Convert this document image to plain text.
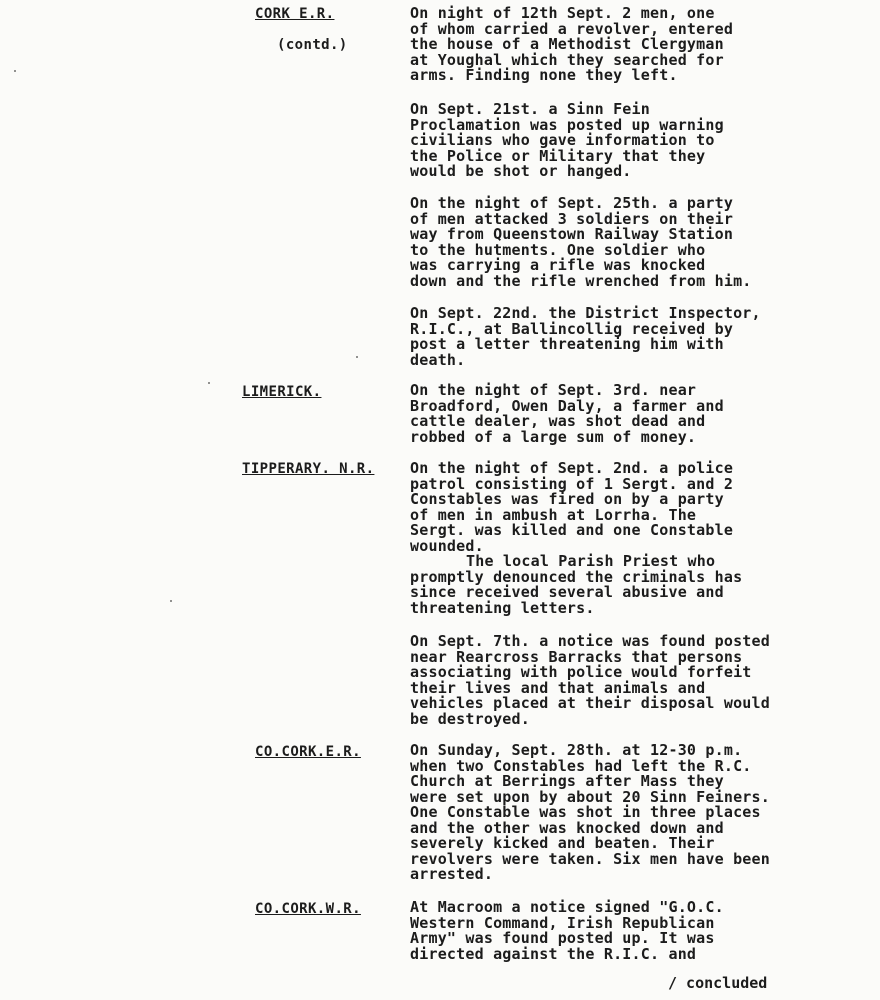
CORK E.R.
(contd.)
On night of 12th Sept. 2 men, one
of whom carried a revolver, entered
the house of a Methodist Clergyman
at Youghal which they searched for
arms. Finding none they left.
On Sept. 21st. a Sinn Fein
Proclamation was posted up warning
civilians who gave information to
the Police or Military that they
would be shot or hanged.
On the night of Sept. 25th. a party
of men attacked 3 soldiers on their
way from Queenstown Railway Station
to the hutments. One soldier who
was carrying a rifle was knocked
down and the rifle wrenched from him.
On Sept. 22nd. the District Inspector,
R.I.C., at Ballincollig received by
post a letter threatening him with
death.
LIMERICK.	On the night of Sept. 3rd. near
Broadford, Owen Daly, a farmer and
cattle dealer, was shot dead and
robbed of a large sum of money.
TIPPERARY. N.R. On the night of Sept. 2nd. a police
patrol consisting of 1 Sergt. and 2
Constables was fired on by a party
of men in ambush at Lorrha. The
Sergt. was killed and one Constable
wounded.
The local Parish Priest who
promptly denounced the criminals has
since received several abusive and
threatening letters.
On Sept. 7th. a notice was found posted
near Rearcross Barracks that persons
associating with police would forfeit
their lives and that animals and
vehicles placed at their disposal would
be destroyed.
CO.CORK.E.R.	On Sunday, Sept. 28th. at 12-30 p.m.
when two Constables had left the R.C.
Church at Berrings after Mass they
were set upon by about 20 Sinn Feiners.
One Constable was shot in three places
and the other was knocked down and
severely kicked and beaten. Their
revolvers were taken. Six men have been
arrested.
CO.CORK.W.R.	At Macroom a notice signed "G.O.C.
Western Command, Irish Republican
Army" was found posted up. It was
directed against the R.I.C. and
/ concluded
